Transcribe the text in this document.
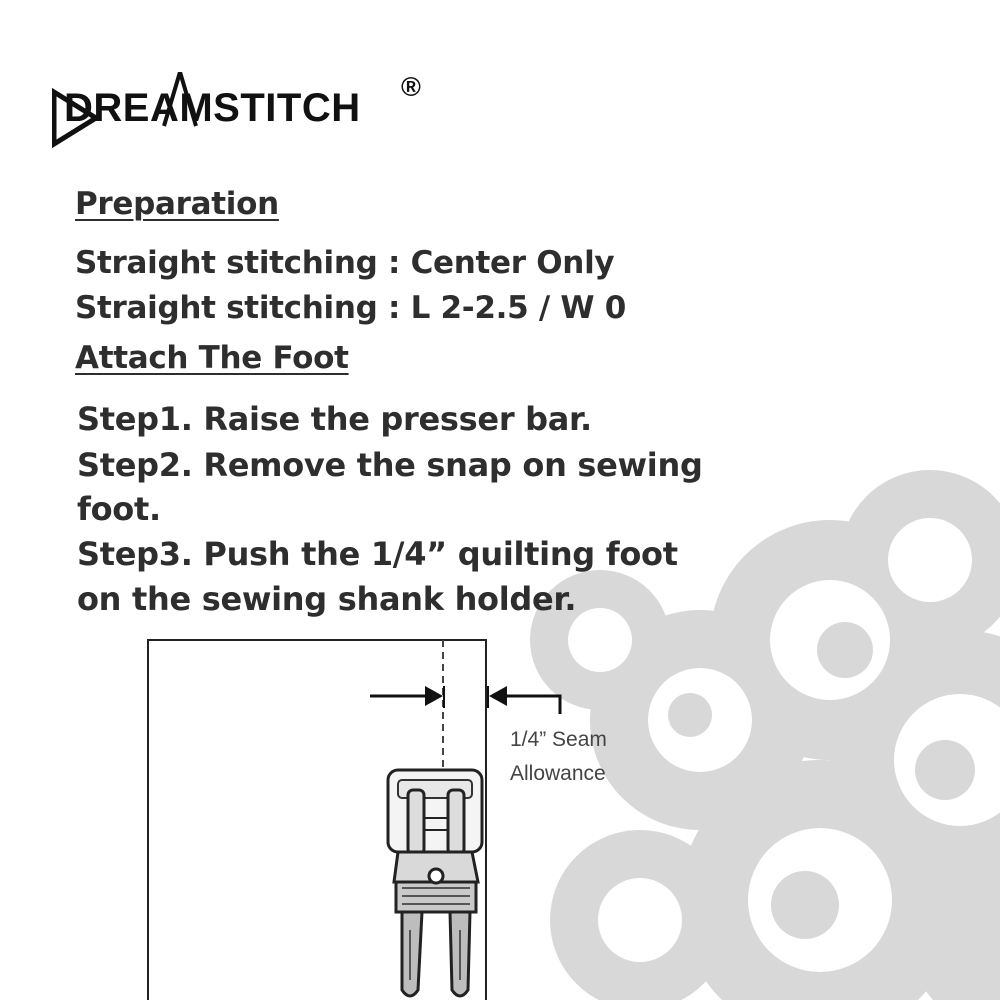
DREAMSTITCH ®
Preparation

Straight stitching : Center Only

Straight stitching : L 2-2.5 / W 0

Attach The Foot

Step1. Raise the presser bar.

Step2. Remove the snap on sewing

foot.

Step3. Push the 1/4” quilting foot

on the sewing shank holder.

1/4” Seam

Allowance
